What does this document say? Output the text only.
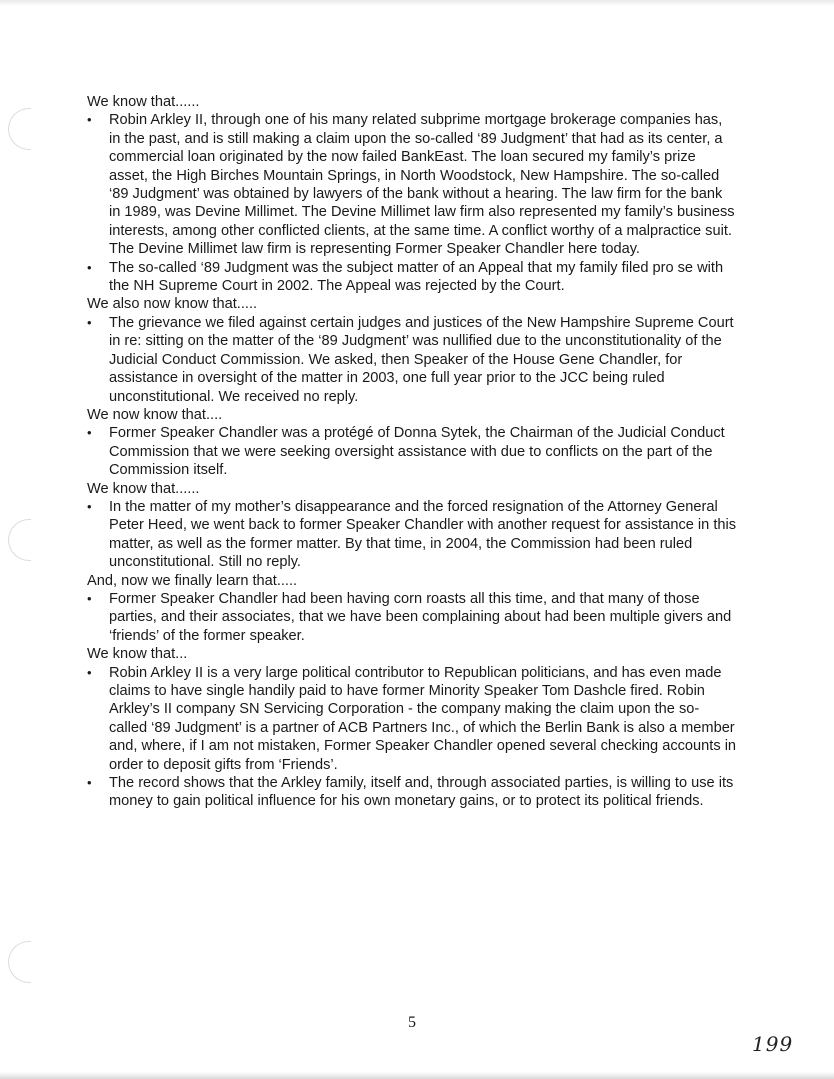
We know that......

• Robin Arkley II, through one of his many related subprime mortgage brokerage companies has, in the past, and is still making a claim upon the so-called ‘89 Judgment’ that had as its center, a commercial loan originated by the now failed BankEast. The loan secured my family’s prize asset, the High Birches Mountain Springs, in North Woodstock, New Hampshire. The so-called ‘89 Judgment’ was obtained by lawyers of the bank without a hearing. The law firm for the bank in 1989, was Devine Millimet. The Devine Millimet law firm also represented my family’s business interests, among other conflicted clients, at the same time. A conflict worthy of a malpractice suit. The Devine Millimet law firm is representing Former Speaker Chandler here today.
• The so-called ‘89 Judgment was the subject matter of an Appeal that my family filed pro se with the NH Supreme Court in 2002. The Appeal was rejected by the Court.

We also now know that.....

• The grievance we filed against certain judges and justices of the New Hampshire Supreme Court in re: sitting on the matter of the ‘89 Judgment’ was nullified due to the unconstitutionality of the Judicial Conduct Commission. We asked, then Speaker of the House Gene Chandler, for assistance in oversight of the matter in 2003, one full year prior to the JCC being ruled unconstitutional. We received no reply.

We now know that....

• Former Speaker Chandler was a protégé of Donna Sytek, the Chairman of the Judicial Conduct Commission that we were seeking oversight assistance with due to conflicts on the part of the Commission itself.

We know that......

• In the matter of my mother’s disappearance and the forced resignation of the Attorney General Peter Heed, we went back to former Speaker Chandler with another request for assistance in this matter, as well as the former matter. By that time, in 2004, the Commission had been ruled unconstitutional. Still no reply.

And, now we finally learn that.....

• Former Speaker Chandler had been having corn roasts all this time, and that many of those parties, and their associates, that we have been complaining about had been multiple givers and ‘friends’ of the former speaker.

We know that...

• Robin Arkley II is a very large political contributor to Republican politicians, and has even made claims to have single handily paid to have former Minority Speaker Tom Dashcle fired. Robin Arkley’s II company SN Servicing Corporation - the company making the claim upon the so-called ‘89 Judgment’ is a partner of ACB Partners Inc., of which the Berlin Bank is also a member and, where, if I am not mistaken, Former Speaker Chandler opened several checking accounts in order to deposit gifts from ‘Friends’.
• The record shows that the Arkley family, itself and, through associated parties, is willing to use its money to gain political influence for his own monetary gains, or to protect its political friends.
5
199
